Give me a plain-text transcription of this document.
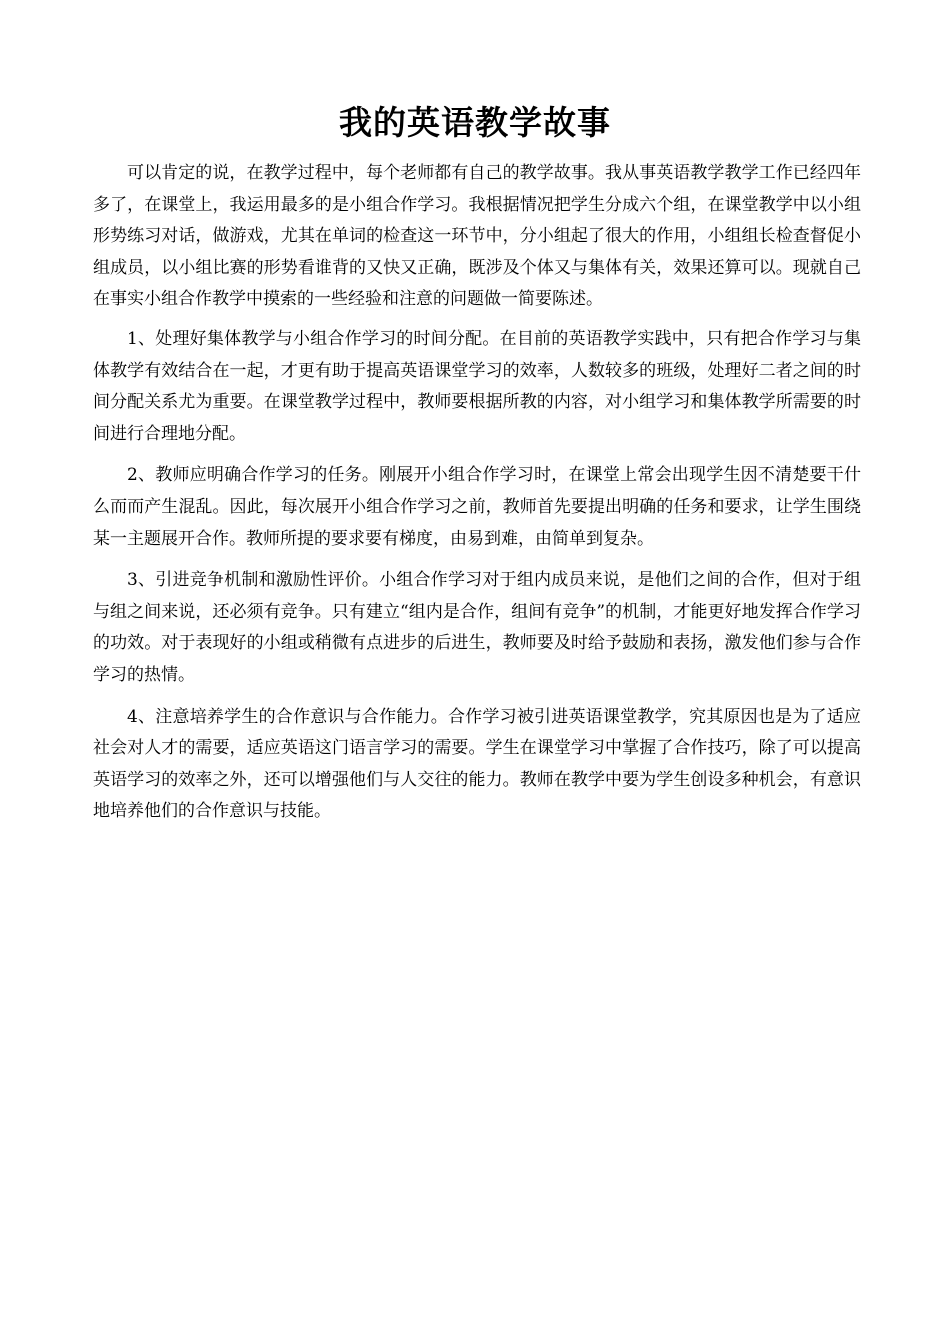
我的英语教学故事

可以肯定的说，在教学过程中，每个老师都有自己的教学故事。我从事英语教学教学工作已经四年多了，在课堂上，我运用最多的是小组合作学习。我根据情况把学生分成六个组，在课堂教学中以小组形势练习对话，做游戏，尤其在单词的检查这一环节中，分小组起了很大的作用，小组组长检查督促小组成员，以小组比赛的形势看谁背的又快又正确，既涉及个体又与集体有关，效果还算可以。现就自己在事实小组合作教学中摸索的一些经验和注意的问题做一简要陈述。

1、处理好集体教学与小组合作学习的时间分配。在目前的英语教学实践中，只有把合作学习与集体教学有效结合在一起，才更有助于提高英语课堂学习的效率，人数较多的班级，处理好二者之间的时间分配关系尤为重要。在课堂教学过程中，教师要根据所教的内容，对小组学习和集体教学所需要的时间进行合理地分配。

2、教师应明确合作学习的任务。刚展开小组合作学习时，在课堂上常会出现学生因不清楚要干什么而而产生混乱。因此，每次展开小组合作学习之前，教师首先要提出明确的任务和要求，让学生围绕某一主题展开合作。教师所提的要求要有梯度，由易到难，由简单到复杂。

3、引进竞争机制和激励性评价。小组合作学习对于组内成员来说，是他们之间的合作，但对于组与组之间来说，还必须有竞争。只有建立“组内是合作，组间有竞争”的机制，才能更好地发挥合作学习的功效。对于表现好的小组或稍微有点进步的后进生，教师要及时给予鼓励和表扬，激发他们参与合作学习的热情。

4、注意培养学生的合作意识与合作能力。合作学习被引进英语课堂教学，究其原因也是为了适应社会对人才的需要，适应英语这门语言学习的需要。学生在课堂学习中掌握了合作技巧，除了可以提高英语学习的效率之外，还可以增强他们与人交往的能力。教师在教学中要为学生创设多种机会，有意识地培养他们的合作意识与技能。
